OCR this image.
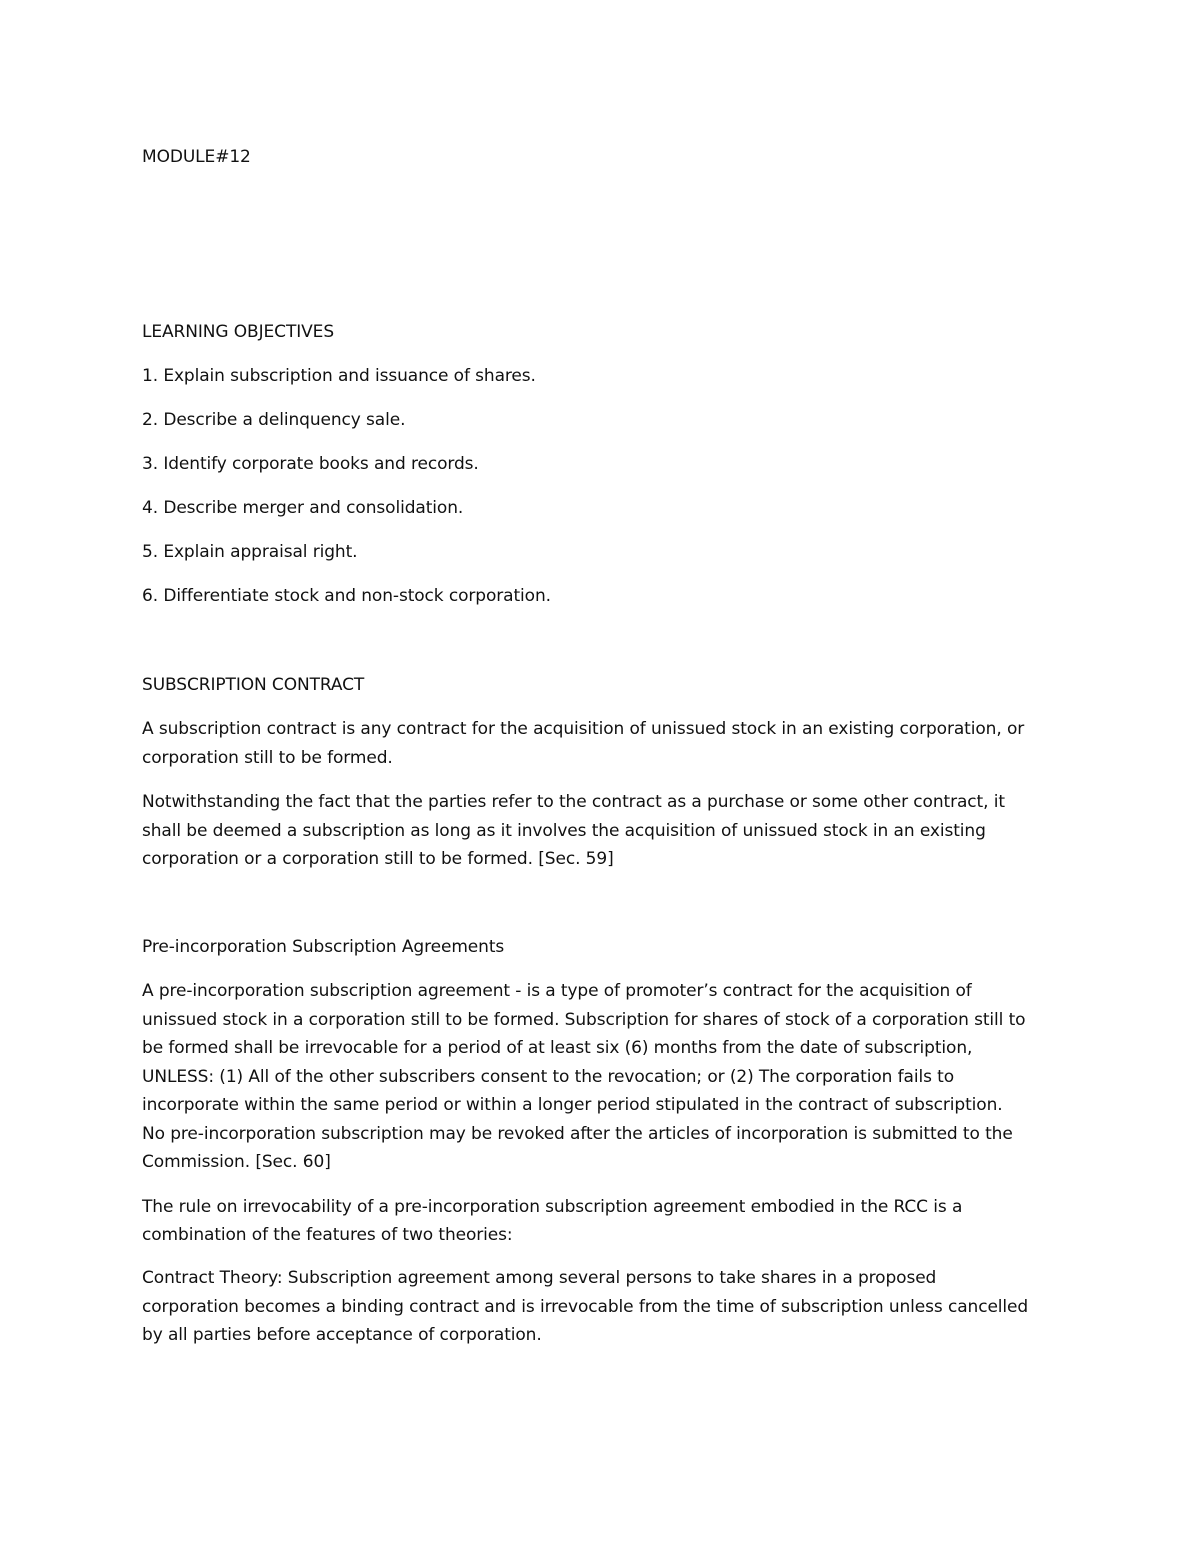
MODULE#12
LEARNING OBJECTIVES
1. Explain subscription and issuance of shares.
2. Describe a delinquency sale.
3. Identify corporate books and records.
4. Describe merger and consolidation.
5. Explain appraisal right.
6. Differentiate stock and non-stock corporation.
SUBSCRIPTION CONTRACT
A subscription contract is any contract for the acquisition of unissued stock in an existing corporation, or
corporation still to be formed.
Notwithstanding the fact that the parties refer to the contract as a purchase or some other contract, it
shall be deemed a subscription as long as it involves the acquisition of unissued stock in an existing
corporation or a corporation still to be formed. [Sec. 59]
Pre-incorporation Subscription Agreements
A pre-incorporation subscription agreement - is a type of promoter’s contract for the acquisition of
unissued stock in a corporation still to be formed. Subscription for shares of stock of a corporation still to
be formed shall be irrevocable for a period of at least six (6) months from the date of subscription,
UNLESS: (1) All of the other subscribers consent to the revocation; or (2) The corporation fails to
incorporate within the same period or within a longer period stipulated in the contract of subscription.
No pre-incorporation subscription may be revoked after the articles of incorporation is submitted to the
Commission. [Sec. 60]
The rule on irrevocability of a pre-incorporation subscription agreement embodied in the RCC is a
combination of the features of two theories:
Contract Theory: Subscription agreement among several persons to take shares in a proposed
corporation becomes a binding contract and is irrevocable from the time of subscription unless cancelled
by all parties before acceptance of corporation.
